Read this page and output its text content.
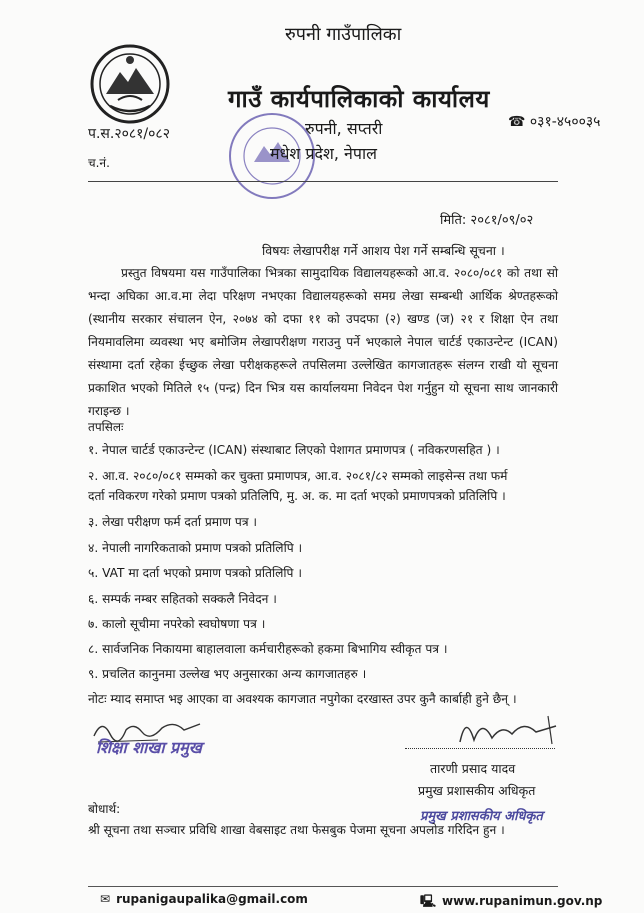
रुपनी गाउँपालिका
गाउँ कार्यपालिकाको कार्यालय
☎ ०३१-४५००३५
रुपनी, सप्तरी
मधेश प्रदेश, नेपाल
प.स.२०८१/०८२
च.नं.
मिति: २०८१/०९/०२
विषयः लेखापरीक्ष गर्ने आशय पेश गर्ने सम्बन्धि सूचना ।
प्रस्तुत विषयमा यस गाउँपालिका भित्रका सामुदायिक विद्यालयहरूको आ.व. २०८०/०८१ को तथा सो भन्दा अघिका आ.व.मा लेदा परिक्षण नभएका विद्यालयहरूको समग्र लेखा सम्बन्धी आर्थिक श्रेण्तहरूको (स्थानीय सरकार संचालन ऐन, २०७४ को दफा ११ को उपदफा (२) खण्ड (ज) २१ र शिक्षा ऐन तथा नियमावलिमा व्यवस्था भए बमोजिम लेखापरीक्षण गराउनु पर्ने भएकाले नेपाल चार्टर्ड एकाउन्टेन्ट (ICAN) संस्थामा दर्ता रहेका ईच्छुक लेखा परीक्षकहरूले तपसिलमा उल्लेखित कागजातहरू संलग्न राखी यो सूचना प्रकाशित भएको मितिले १५ (पन्द्र) दिन भित्र यस कार्यालयमा निवेदन पेश गर्नुहुन यो सूचना साथ जानकारी गराइन्छ ।
तपसिलः
१. नेपाल चार्टर्ड एकाउन्टेन्ट (ICAN) संस्थाबाट लिएको पेशागत प्रमाणपत्र ( नविकरणसहित ) ।
२. आ.व. २०८०/०८१ सम्मको कर चुक्ता प्रमाणपत्र, आ.व. २०८१/८२ सम्मको लाइसेन्स तथा फर्म
दर्ता नविकरण गरेको प्रमाण पत्रको प्रतिलिपि, मु. अ. क. मा दर्ता भएको प्रमाणपत्रको प्रतिलिपि ।
३. लेखा परीक्षण फर्म दर्ता प्रमाण पत्र ।
४. नेपाली नागरिकताको प्रमाण पत्रको प्रतिलिपि ।
५. VAT मा दर्ता भएको प्रमाण पत्रको प्रतिलिपि ।
६. सम्पर्क नम्बर सहितको सक्कलै निवेदन ।
७. कालो सूचीमा नपरेको स्वघोषणा पत्र ।
८. सार्वजनिक निकायमा बाहालवाला कर्मचारीहरूको हकमा बिभागिय स्वीकृत पत्र ।
९. प्रचलित कानुनमा उल्लेख भए अनुसारका अन्य कागजातहरु ।
नोटः म्याद समाप्त भइ आएका वा अवश्यक कागजात नपुगेका दरखास्त उपर कुनै कार्बाही हुने छैन् ।
शिक्षा शाखा प्रमुख
तारणी प्रसाद यादव
प्रमुख प्रशासकीय अधिकृत
प्रमुख प्रशासकीय अधिकृत
बोधार्थ:
श्री सूचना तथा सञ्चार प्रविधि शाखा वेबसाइट तथा फेसबुक पेजमा सूचना अपलोड गरिदिन हुन ।
✉ rupanigaupalika@gmail.com	🖳 www.rupanimun.gov.np
